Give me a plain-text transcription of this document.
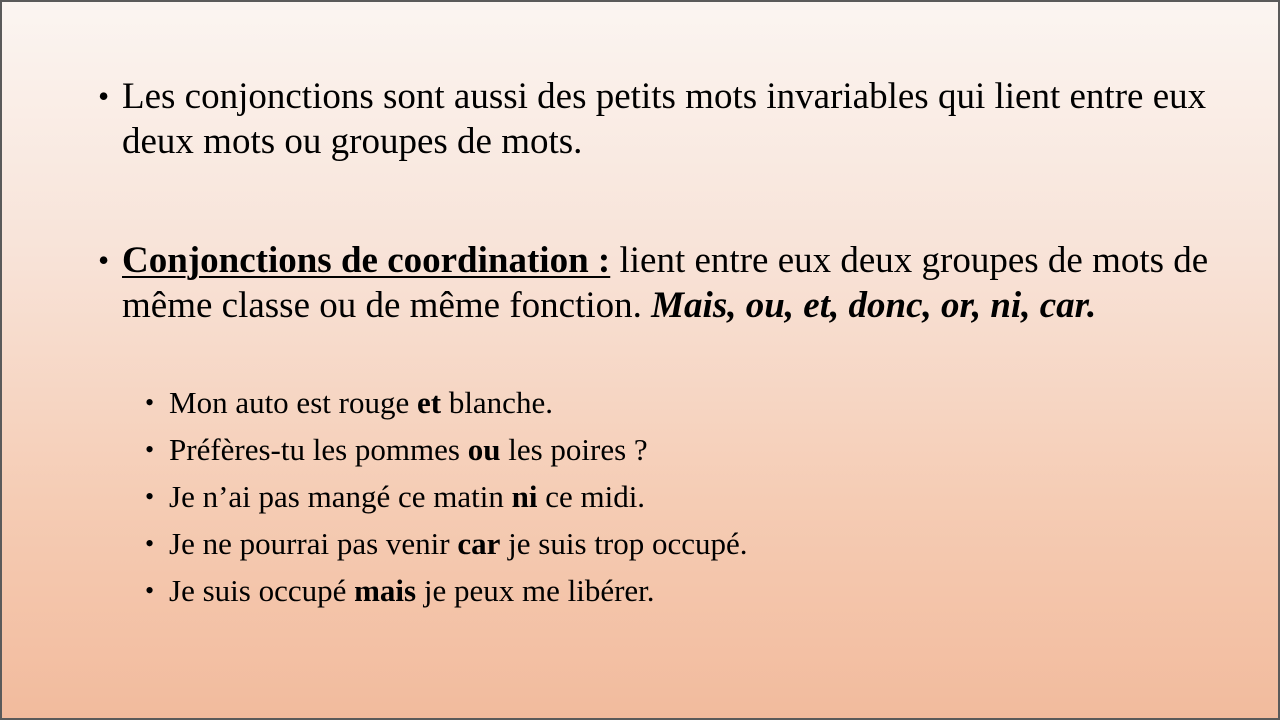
• Les conjonctions sont aussi des petits mots invariables qui lient entre eux deux mots ou groupes de mots.
• Conjonctions de coordination : lient entre eux deux groupes de mots de même classe ou de même fonction. Mais, ou, et, donc, or, ni, car.
• Mon auto est rouge et blanche.
• Préfères-tu les pommes ou les poires ?
• Je n’ai pas mangé ce matin ni ce midi.
• Je ne pourrai pas venir car je suis trop occupé.
• Je suis occupé mais je peux me libérer.
